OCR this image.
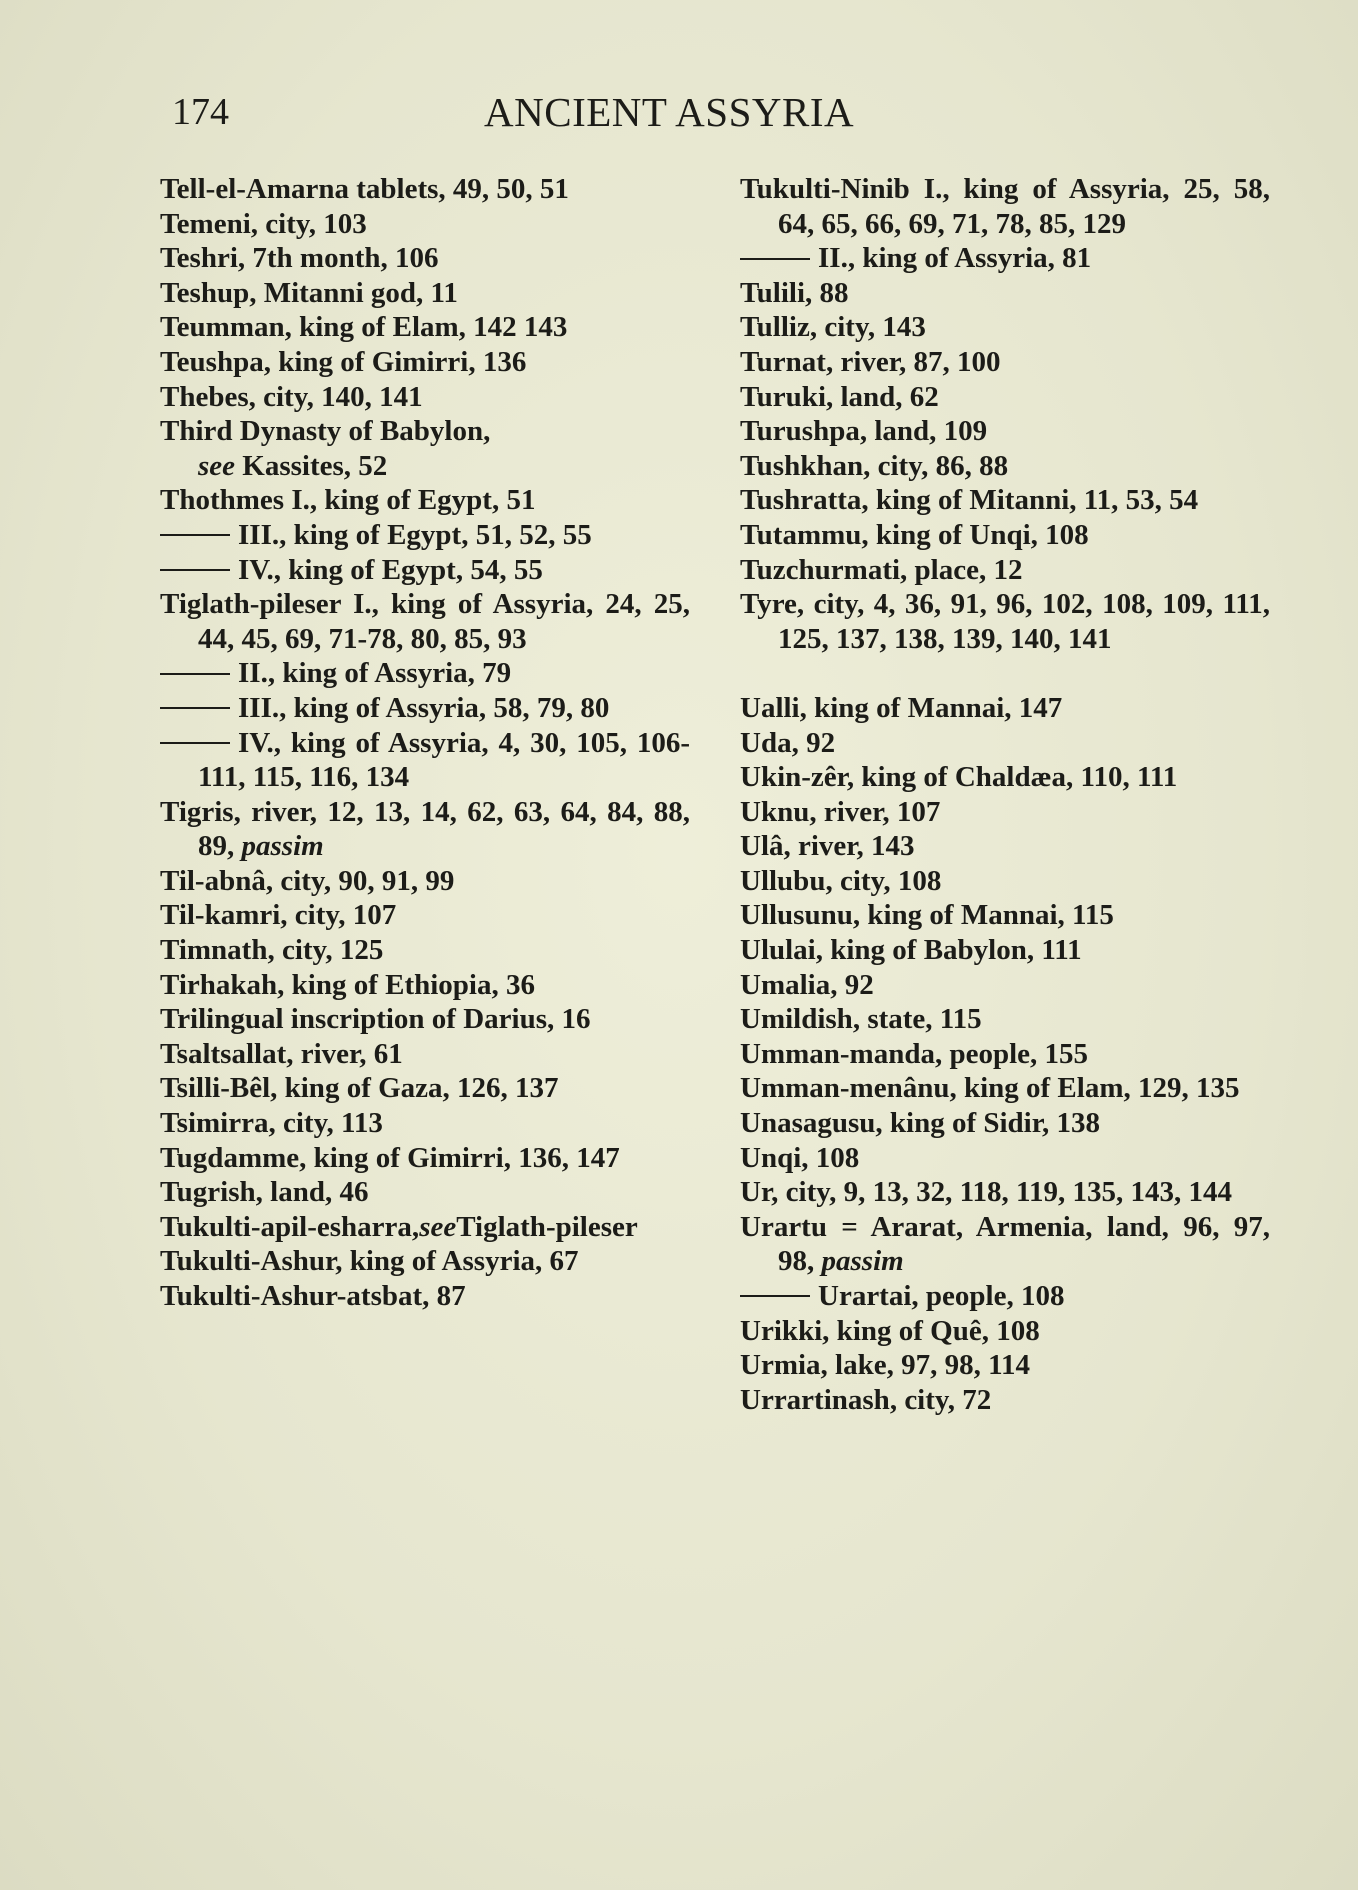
174	ANCIENT ASSYRIA

Tell-el-Amarna tablets, 49, 50, 51

Temeni, city, 103

Teshri, 7th month, 106

Teshup, Mitanni god, 11

Teumman, king of Elam, 142 143

Teushpa, king of Gimirri, 136

Thebes, city, 140, 141

Third Dynasty of Babylon,
see Kassites, 52

Thothmes I., king of Egypt, 51

III., king of Egypt, 51, 52, 55

IV., king of Egypt, 54, 55

Tiglath-pileser I., king of Assyria, 24, 25, 44, 45, 69, 71-78, 80, 85, 93

II., king of Assyria, 79

III., king of Assyria, 58, 79, 80

IV., king of Assyria, 4, 30, 105, 106-111, 115, 116, 134

Tigris, river, 12, 13, 14, 62, 63, 64, 84, 88, 89, passim

Til-abnâ, city, 90, 91, 99

Til-kamri, city, 107

Timnath, city, 125

Tirhakah, king of Ethiopia, 36

Trilingual inscription of Darius, 16

Tsaltsallat, river, 61

Tsilli-Bêl, king of Gaza, 126, 137

Tsimirra, city, 113

Tugdamme, king of Gimirri, 136, 147

Tugrish, land, 46

Tukulti-apil-esharra,seeTiglath-pileser

Tukulti-Ashur, king of Assyria, 67

Tukulti-Ashur-atsbat, 87

Tukulti-Ninib I., king of Assyria, 25, 58, 64, 65, 66, 69, 71, 78, 85, 129

II., king of Assyria, 81

Tulili, 88

Tulliz, city, 143

Turnat, river, 87, 100

Turuki, land, 62

Turushpa, land, 109

Tushkhan, city, 86, 88

Tushratta, king of Mitanni, 11, 53, 54

Tutammu, king of Unqi, 108

Tuzchurmati, place, 12

Tyre, city, 4, 36, 91, 96, 102, 108, 109, 111, 125, 137, 138, 139, 140, 141

Ualli, king of Mannai, 147

Uda, 92

Ukin-zêr, king of Chaldæa, 110, 111

Uknu, river, 107

Ulâ, river, 143

Ullubu, city, 108

Ullusunu, king of Mannai, 115

Ululai, king of Babylon, 111

Umalia, 92

Umildish, state, 115

Umman-manda, people, 155

Umman-menânu, king of Elam, 129, 135

Unasagusu, king of Sidir, 138

Unqi, 108

Ur, city, 9, 13, 32, 118, 119, 135, 143, 144

Urartu = Ararat, Armenia, land, 96, 97, 98, passim

Urartai, people, 108

Urikki, king of Quê, 108

Urmia, lake, 97, 98, 114

Urrartinash, city, 72
